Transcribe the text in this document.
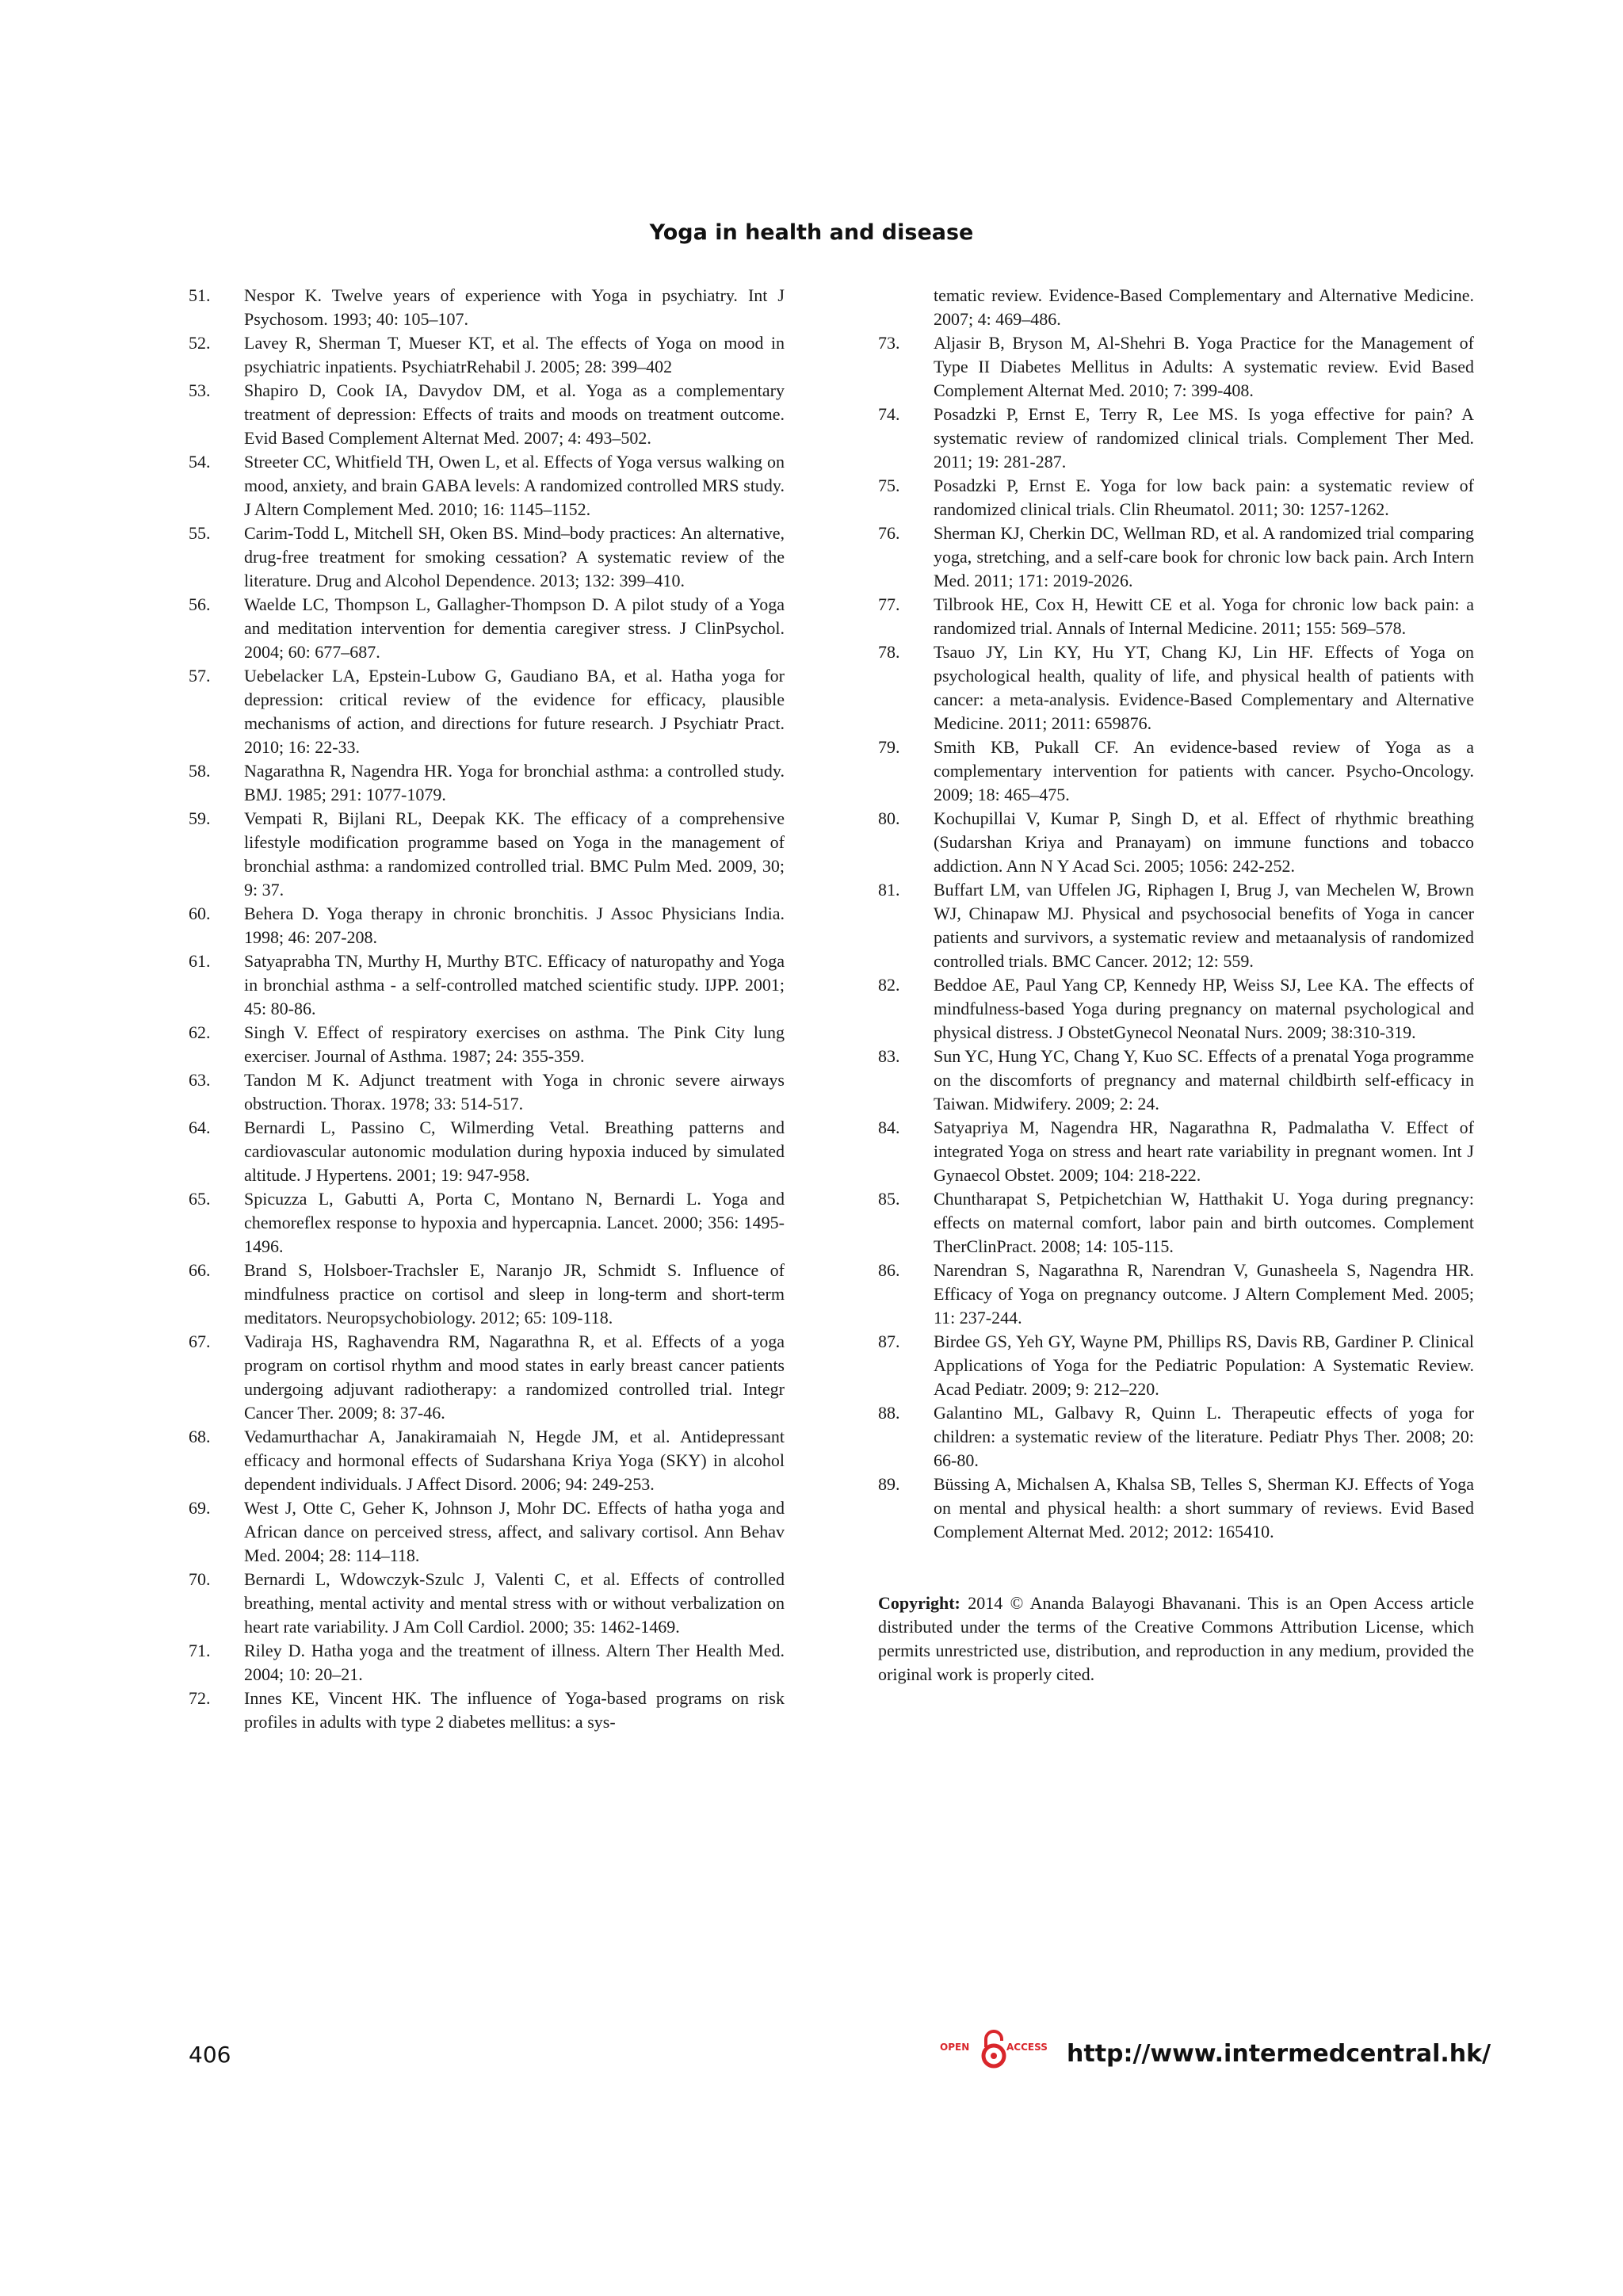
Yoga in health and disease
51.	Nespor K. Twelve years of experience with Yoga in psychiatry. Int J Psychosom. 1993; 40: 105–107.
52.	Lavey R, Sherman T, Mueser KT, et al. The effects of Yoga on mood in psychiatric inpatients. PsychiatrRehabil J. 2005; 28: 399–402
53.	Shapiro D, Cook IA, Davydov DM, et al. Yoga as a complementary treatment of depression: Effects of traits and moods on treatment outcome. Evid Based Complement Alternat Med. 2007; 4: 493–502.
54.	Streeter CC, Whitfield TH, Owen L, et al. Effects of Yoga versus walking on mood, anxiety, and brain GABA levels: A randomized controlled MRS study. J Altern Complement Med. 2010; 16: 1145–1152.
55.	Carim-Todd L, Mitchell SH, Oken BS. Mind–body practices: An alternative, drug-free treatment for smoking cessation? A systematic review of the literature. Drug and Alcohol Dependence. 2013; 132: 399–410.
56.	Waelde LC, Thompson L, Gallagher-Thompson D. A pilot study of a Yoga and meditation intervention for dementia caregiver stress. J ClinPsychol. 2004; 60: 677–687.
57.	Uebelacker LA, Epstein-Lubow G, Gaudiano BA, et al. Hatha yoga for depression: critical review of the evidence for efficacy, plausible mechanisms of action, and directions for future research. J Psychiatr Pract. 2010; 16: 22-33.
58.	Nagarathna R, Nagendra HR. Yoga for bronchial asthma: a controlled study. BMJ. 1985; 291: 1077-1079.
59.	Vempati R, Bijlani RL, Deepak KK. The efficacy of a comprehensive lifestyle modification programme based on Yoga in the management of bronchial asthma: a randomized controlled trial. BMC Pulm Med. 2009, 30; 9: 37.
60.	Behera D. Yoga therapy in chronic bronchitis. J Assoc Physicians India. 1998; 46: 207-208.
61.	Satyaprabha TN, Murthy H, Murthy BTC. Efficacy of naturopathy and Yoga in bronchial asthma - a self-controlled matched scientific study. IJPP. 2001; 45: 80-86.
62.	Singh V. Effect of respiratory exercises on asthma. The Pink City lung exerciser. Journal of Asthma. 1987; 24: 355-359.
63.	Tandon M K. Adjunct treatment with Yoga in chronic severe airways obstruction. Thorax. 1978; 33: 514-517.
64.	Bernardi L, Passino C, Wilmerding Vetal. Breathing patterns and cardiovascular autonomic modulation during hypoxia induced by simulated altitude. J Hypertens. 2001; 19: 947-958.
65.	Spicuzza L, Gabutti A, Porta C, Montano N, Bernardi L. Yoga and chemoreflex response to hypoxia and hypercapnia. Lancet. 2000; 356: 1495-1496.
66.	Brand S, Holsboer-Trachsler E, Naranjo JR, Schmidt S. Influence of mindfulness practice on cortisol and sleep in long-term and short-term meditators. Neuropsychobiology. 2012; 65: 109-118.
67.	Vadiraja HS, Raghavendra RM, Nagarathna R, et al. Effects of a yoga program on cortisol rhythm and mood states in early breast cancer patients undergoing adjuvant radiotherapy: a randomized controlled trial. Integr Cancer Ther. 2009; 8: 37-46.
68.	Vedamurthachar A, Janakiramaiah N, Hegde JM, et al. Antidepressant efficacy and hormonal effects of Sudarshana Kriya Yoga (SKY) in alcohol dependent individuals. J Affect Disord. 2006; 94: 249-253.
69.	West J, Otte C, Geher K, Johnson J, Mohr DC. Effects of hatha yoga and African dance on perceived stress, affect, and salivary cortisol. Ann Behav Med. 2004; 28: 114–118.
70.	Bernardi L, Wdowczyk-Szulc J, Valenti C, et al. Effects of controlled breathing, mental activity and mental stress with or without verbalization on heart rate variability. J Am Coll Cardiol. 2000; 35: 1462-1469.
71.	Riley D. Hatha yoga and the treatment of illness. Altern Ther Health Med. 2004; 10: 20–21.
72.	Innes KE, Vincent HK. The influence of Yoga-based programs on risk profiles in adults with type 2 diabetes mellitus: a sys-
tematic review. Evidence-Based Complementary and Alternative Medicine. 2007; 4: 469–486.
73.	Aljasir B, Bryson M, Al-Shehri B. Yoga Practice for the Management of Type II Diabetes Mellitus in Adults: A systematic review. Evid Based Complement Alternat Med. 2010; 7: 399-408.
74.	Posadzki P, Ernst E, Terry R, Lee MS. Is yoga effective for pain? A systematic review of randomized clinical trials. Complement Ther Med. 2011; 19: 281-287.
75.	Posadzki P, Ernst E. Yoga for low back pain: a systematic review of randomized clinical trials. Clin Rheumatol. 2011; 30: 1257-1262.
76.	Sherman KJ, Cherkin DC, Wellman RD, et al. A randomized trial comparing yoga, stretching, and a self-care book for chronic low back pain. Arch Intern Med. 2011; 171: 2019-2026.
77.	Tilbrook HE, Cox H, Hewitt CE et al. Yoga for chronic low back pain: a randomized trial. Annals of Internal Medicine. 2011; 155: 569–578.
78.	Tsauo JY, Lin KY, Hu YT, Chang KJ, Lin HF. Effects of Yoga on psychological health, quality of life, and physical health of patients with cancer: a meta-analysis. Evidence-Based Complementary and Alternative Medicine. 2011; 2011: 659876.
79.	Smith KB, Pukall CF. An evidence-based review of Yoga as a complementary intervention for patients with cancer. Psycho-Oncology. 2009; 18: 465–475.
80.	Kochupillai V, Kumar P, Singh D, et al. Effect of rhythmic breathing (Sudarshan Kriya and Pranayam) on immune functions and tobacco addiction. Ann N Y Acad Sci. 2005; 1056: 242-252.
81.	Buffart LM, van Uffelen JG, Riphagen I, Brug J, van Mechelen W, Brown WJ, Chinapaw MJ. Physical and psychosocial benefits of Yoga in cancer patients and survivors, a systematic review and metaanalysis of randomized controlled trials. BMC Cancer. 2012; 12: 559.
82.	Beddoe AE, Paul Yang CP, Kennedy HP, Weiss SJ, Lee KA. The effects of mindfulness-based Yoga during pregnancy on maternal psychological and physical distress. J ObstetGynecol Neonatal Nurs. 2009; 38:310-319.
83.	Sun YC, Hung YC, Chang Y, Kuo SC. Effects of a prenatal Yoga programme on the discomforts of pregnancy and maternal childbirth self-efficacy in Taiwan. Midwifery. 2009; 2: 24.
84.	Satyapriya M, Nagendra HR, Nagarathna R, Padmalatha V. Effect of integrated Yoga on stress and heart rate variability in pregnant women. Int J Gynaecol Obstet. 2009; 104: 218-222.
85.	Chuntharapat S, Petpichetchian W, Hatthakit U. Yoga during pregnancy: effects on maternal comfort, labor pain and birth outcomes. Complement TherClinPract. 2008; 14: 105-115.
86.	Narendran S, Nagarathna R, Narendran V, Gunasheela S, Nagendra HR. Efficacy of Yoga on pregnancy outcome. J Altern Complement Med. 2005; 11: 237-244.
87.	Birdee GS, Yeh GY, Wayne PM, Phillips RS, Davis RB, Gardiner P. Clinical Applications of Yoga for the Pediatric Population: A Systematic Review. Acad Pediatr. 2009; 9: 212–220.
88.	Galantino ML, Galbavy R, Quinn L. Therapeutic effects of yoga for children: a systematic review of the literature. Pediatr Phys Ther. 2008; 20: 66-80.
89.	Büssing A, Michalsen A, Khalsa SB, Telles S, Sherman KJ. Effects of Yoga on mental and physical health: a short summary of reviews. Evid Based Complement Alternat Med. 2012; 2012: 165410.

Copyright: 2014 © Ananda Balayogi Bhavanani. This is an Open Access article distributed under the terms of the Creative Commons Attribution License, which permits unrestricted use, distribution, and reproduction in any medium, provided the original work is properly cited.

406	OPEN	ACCESS http://www.intermedcentral.hk/
